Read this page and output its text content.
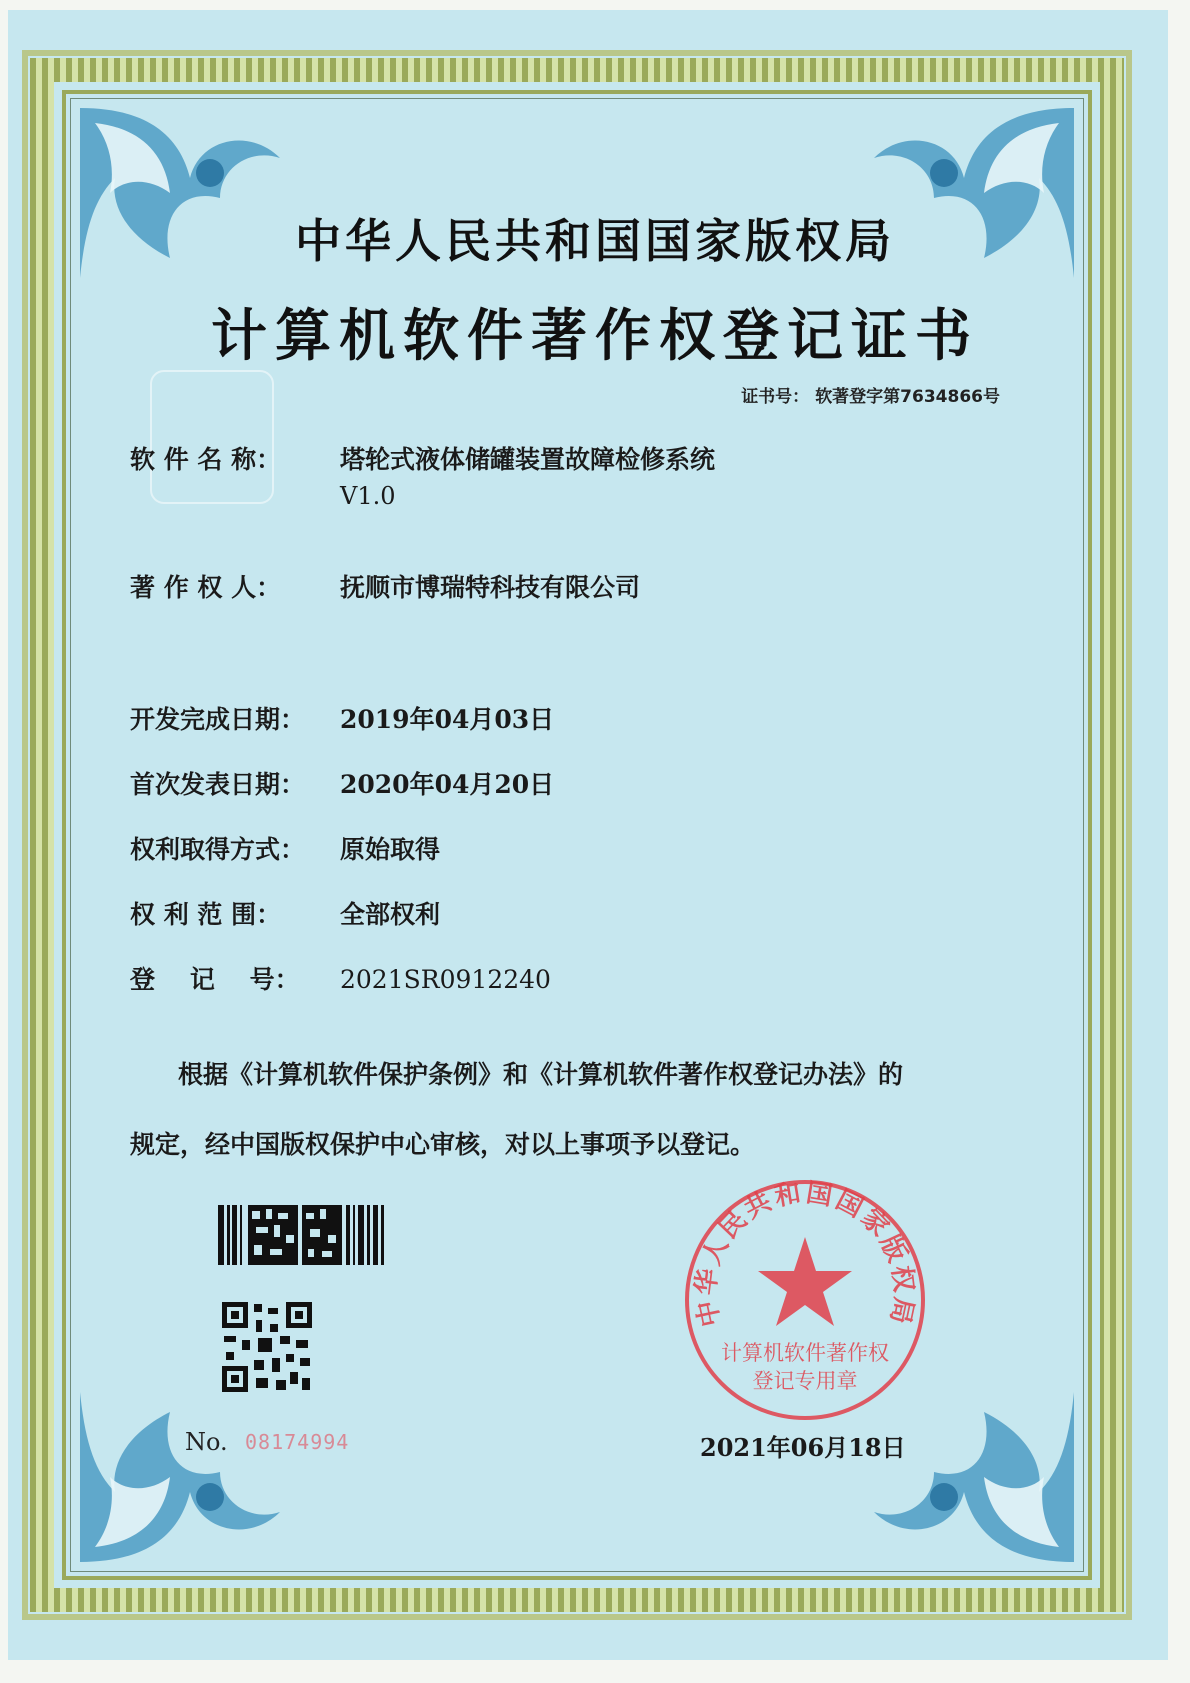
中华人民共和国国家版权局
计算机软件著作权登记证书
证书号： 软著登字第7634866号
软 件 名 称： 塔轮式液体储罐装置故障检修系统
V1.0
著 作 权 人： 抚顺市博瑞特科技有限公司
开发完成日期： 2019年04月03日
首次发表日期： 2020年04月20日
权利取得方式： 原始取得
权 利 范 围： 全部权利
登    记    号： 2021SR0912240
根据《计算机软件保护条例》和《计算机软件著作权登记办法》的
规定，经中国版权保护中心审核，对以上事项予以登记。
No. 08174994
中华人民共和国国家版权局
计算机软件著作权
登记专用章
2021年06月18日
